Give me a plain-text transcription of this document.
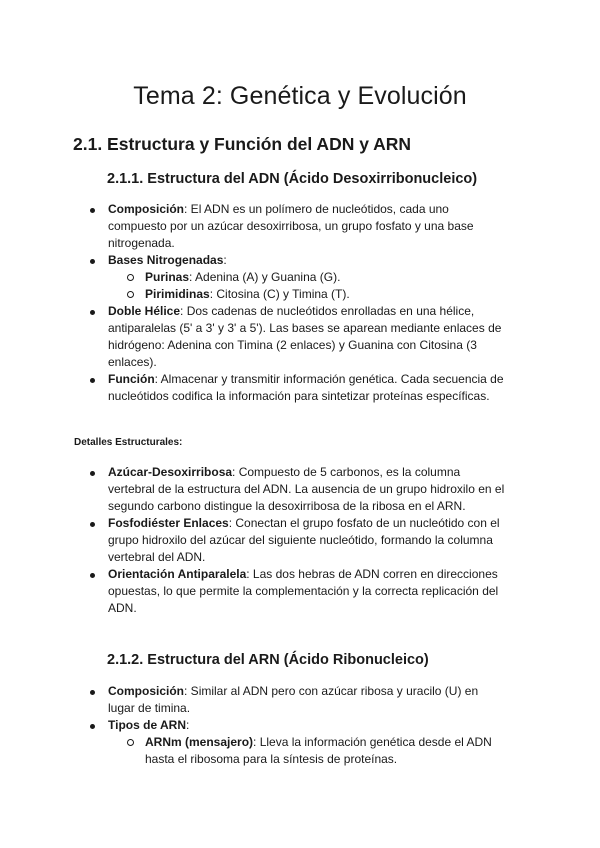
Tema 2: Genética y Evolución
2.1. Estructura y Función del ADN y ARN
2.1.1. Estructura del ADN (Ácido Desoxirribonucleico)
Composición: El ADN es un polímero de nucleótidos, cada uno compuesto por un azúcar desoxirribosa, un grupo fosfato y una base nitrogenada.
Bases Nitrogenadas:
Purinas: Adenina (A) y Guanina (G).
Pirimidinas: Citosina (C) y Timina (T).
Doble Hélice: Dos cadenas de nucleótidos enrolladas en una hélice, antiparalelas (5' a 3' y 3' a 5'). Las bases se aparean mediante enlaces de hidrógeno: Adenina con Timina (2 enlaces) y Guanina con Citosina (3 enlaces).
Función: Almacenar y transmitir información genética. Cada secuencia de nucleótidos codifica la información para sintetizar proteínas específicas.

Detalles Estructurales:

Azúcar-Desoxirribosa: Compuesto de 5 carbonos, es la columna vertebral de la estructura del ADN. La ausencia de un grupo hidroxilo en el segundo carbono distingue la desoxirribosa de la ribosa en el ARN.
Fosfodiéster Enlaces: Conectan el grupo fosfato de un nucleótido con el grupo hidroxilo del azúcar del siguiente nucleótido, formando la columna vertebral del ADN.
Orientación Antiparalela: Las dos hebras de ADN corren en direcciones opuestas, lo que permite la complementación y la correcta replicación del ADN.
2.1.2. Estructura del ARN (Ácido Ribonucleico)
Composición: Similar al ADN pero con azúcar ribosa y uracilo (U) en lugar de timina.
Tipos de ARN:
ARNm (mensajero): Lleva la información genética desde el ADN hasta el ribosoma para la síntesis de proteínas.
